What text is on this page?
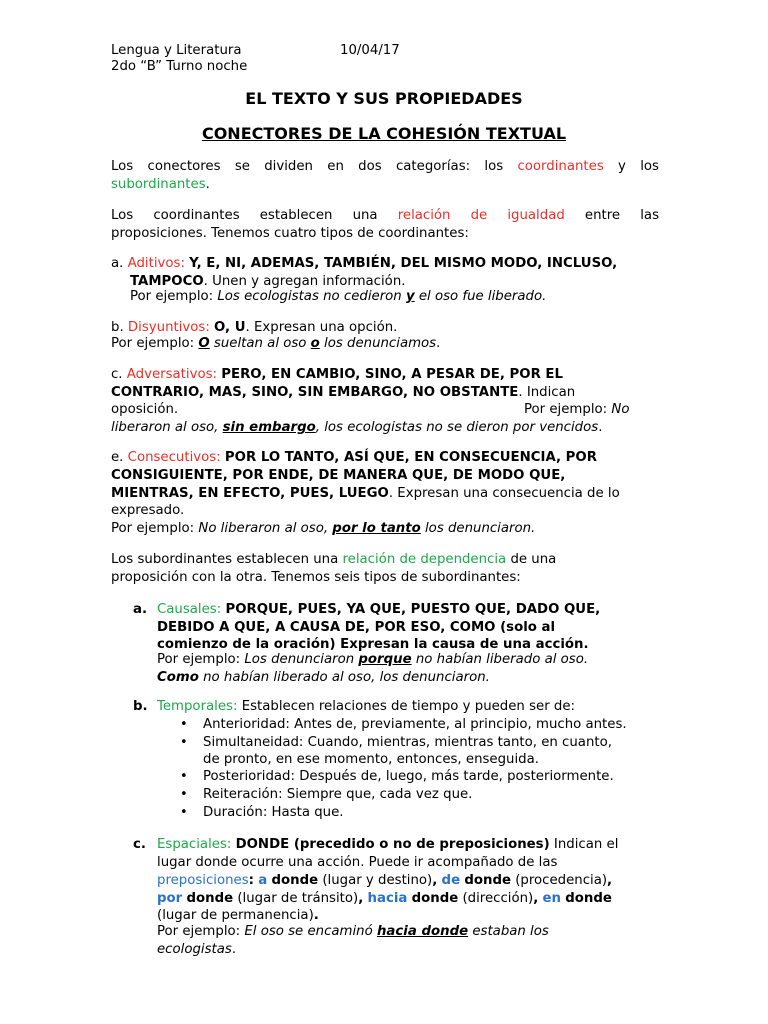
Lengua y Literatura	10/04/17
2do “B” Turno noche
EL TEXTO Y SUS PROPIEDADES
CONECTORES DE LA COHESIÓN TEXTUAL
Los conectores se dividen en dos categorías: los coordinantes y los
subordinantes.
Los coordinantes establecen una relación de igualdad entre las
proposiciones. Tenemos cuatro tipos de coordinantes:
a. Aditivos: Y, E, NI, ADEMAS, TAMBIÉN, DEL MISMO MODO, INCLUSO,
TAMPOCO. Unen y agregan información.
Por ejemplo: Los ecologistas no cedieron y el oso fue liberado.
b. Disyuntivos: O, U. Expresan una opción.
Por ejemplo: O sueltan al oso o los denunciamos.
c. Adversativos: PERO, EN CAMBIO, SINO, A PESAR DE, POR EL
CONTRARIO, MAS, SINO, SIN EMBARGO, NO OBSTANTE. Indican
oposición.	Por ejemplo: No
liberaron al oso, sin embargo, los ecologistas no se dieron por vencidos.
e. Consecutivos: POR LO TANTO, ASÍ QUE, EN CONSECUENCIA, POR
CONSIGUIENTE, POR ENDE, DE MANERA QUE, DE MODO QUE,
MIENTRAS, EN EFECTO, PUES, LUEGO. Expresan una consecuencia de lo
expresado.
Por ejemplo: No liberaron al oso, por lo tanto los denunciaron.
Los subordinantes establecen una relación de dependencia de una
proposición con la otra. Tenemos seis tipos de subordinantes:
a. Causales: PORQUE, PUES, YA QUE, PUESTO QUE, DADO QUE,
DEBIDO A QUE, A CAUSA DE, POR ESO, COMO (solo al
comienzo de la oración) Expresan la causa de una acción.
Por ejemplo: Los denunciaron porque no habían liberado al oso.
Como no habían liberado al oso, los denunciaron.
b. Temporales: Establecen relaciones de tiempo y pueden ser de:
• Anterioridad: Antes de, previamente, al principio, mucho antes.
• Simultaneidad: Cuando, mientras, mientras tanto, en cuanto,
de pronto, en ese momento, entonces, enseguida.
• Posterioridad: Después de, luego, más tarde, posteriormente.
• Reiteración: Siempre que, cada vez que.
• Duración: Hasta que.
c. Espaciales: DONDE (precedido o no de preposiciones) Indican el
lugar donde ocurre una acción. Puede ir acompañado de las
preposiciones: a donde (lugar y destino), de donde (procedencia),
por donde (lugar de tránsito), hacia donde (dirección), en donde
(lugar de permanencia).
Por ejemplo: El oso se encaminó hacia donde estaban los
ecologistas.
